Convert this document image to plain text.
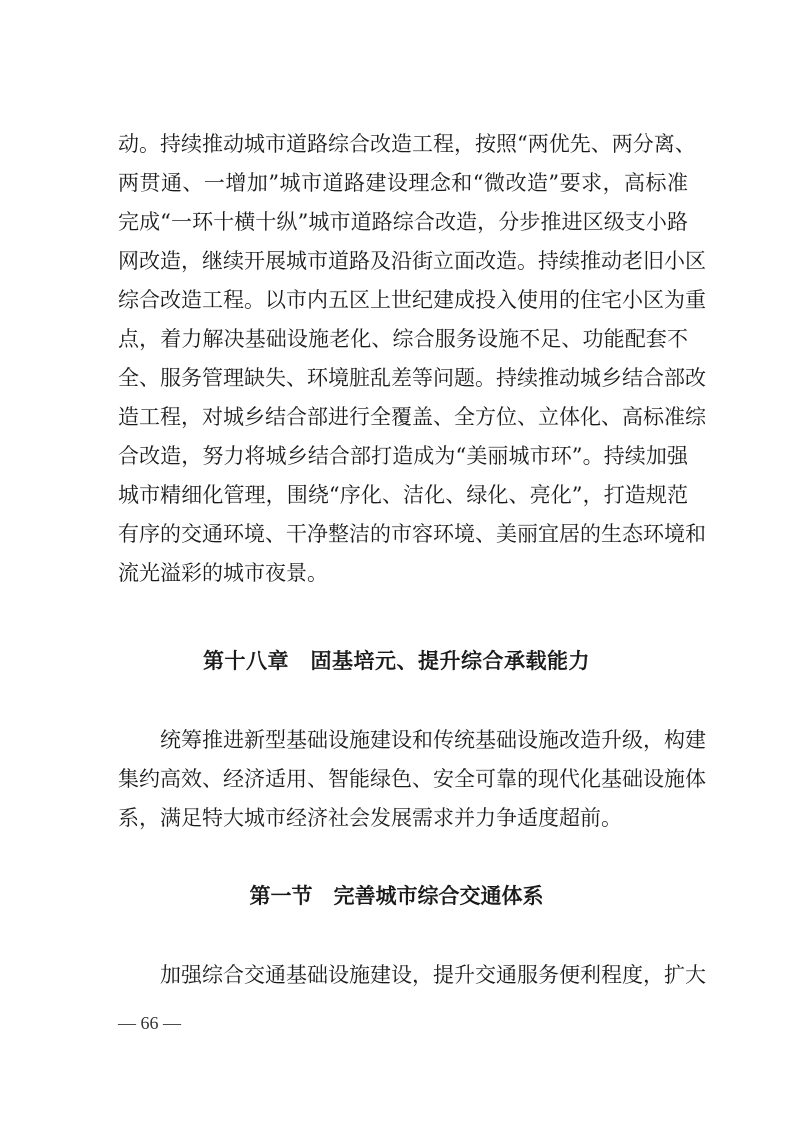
动。持续推动城市道路综合改造工程，按照“两优先、两分离、
两贯通、一增加”城市道路建设理念和“微改造”要求，高标准
完成“一环十横十纵”城市道路综合改造，分步推进区级支小路
网改造，继续开展城市道路及沿街立面改造。持续推动老旧小区
综合改造工程。以市内五区上世纪建成投入使用的住宅小区为重
点，着力解决基础设施老化、综合服务设施不足、功能配套不
全、服务管理缺失、环境脏乱差等问题。持续推动城乡结合部改
造工程，对城乡结合部进行全覆盖、全方位、立体化、高标准综
合改造，努力将城乡结合部打造成为“美丽城市环”。持续加强
城市精细化管理，围绕“序化、洁化、绿化、亮化”，打造规范
有序的交通环境、干净整洁的市容环境、美丽宜居的生态环境和
流光溢彩的城市夜景。
第十八章　固基培元、提升综合承载能力
统筹推进新型基础设施建设和传统基础设施改造升级，构建
集约高效、经济适用、智能绿色、安全可靠的现代化基础设施体
系，满足特大城市经济社会发展需求并力争适度超前。
第一节　完善城市综合交通体系
加强综合交通基础设施建设，提升交通服务便利程度，扩大
— 66 —
